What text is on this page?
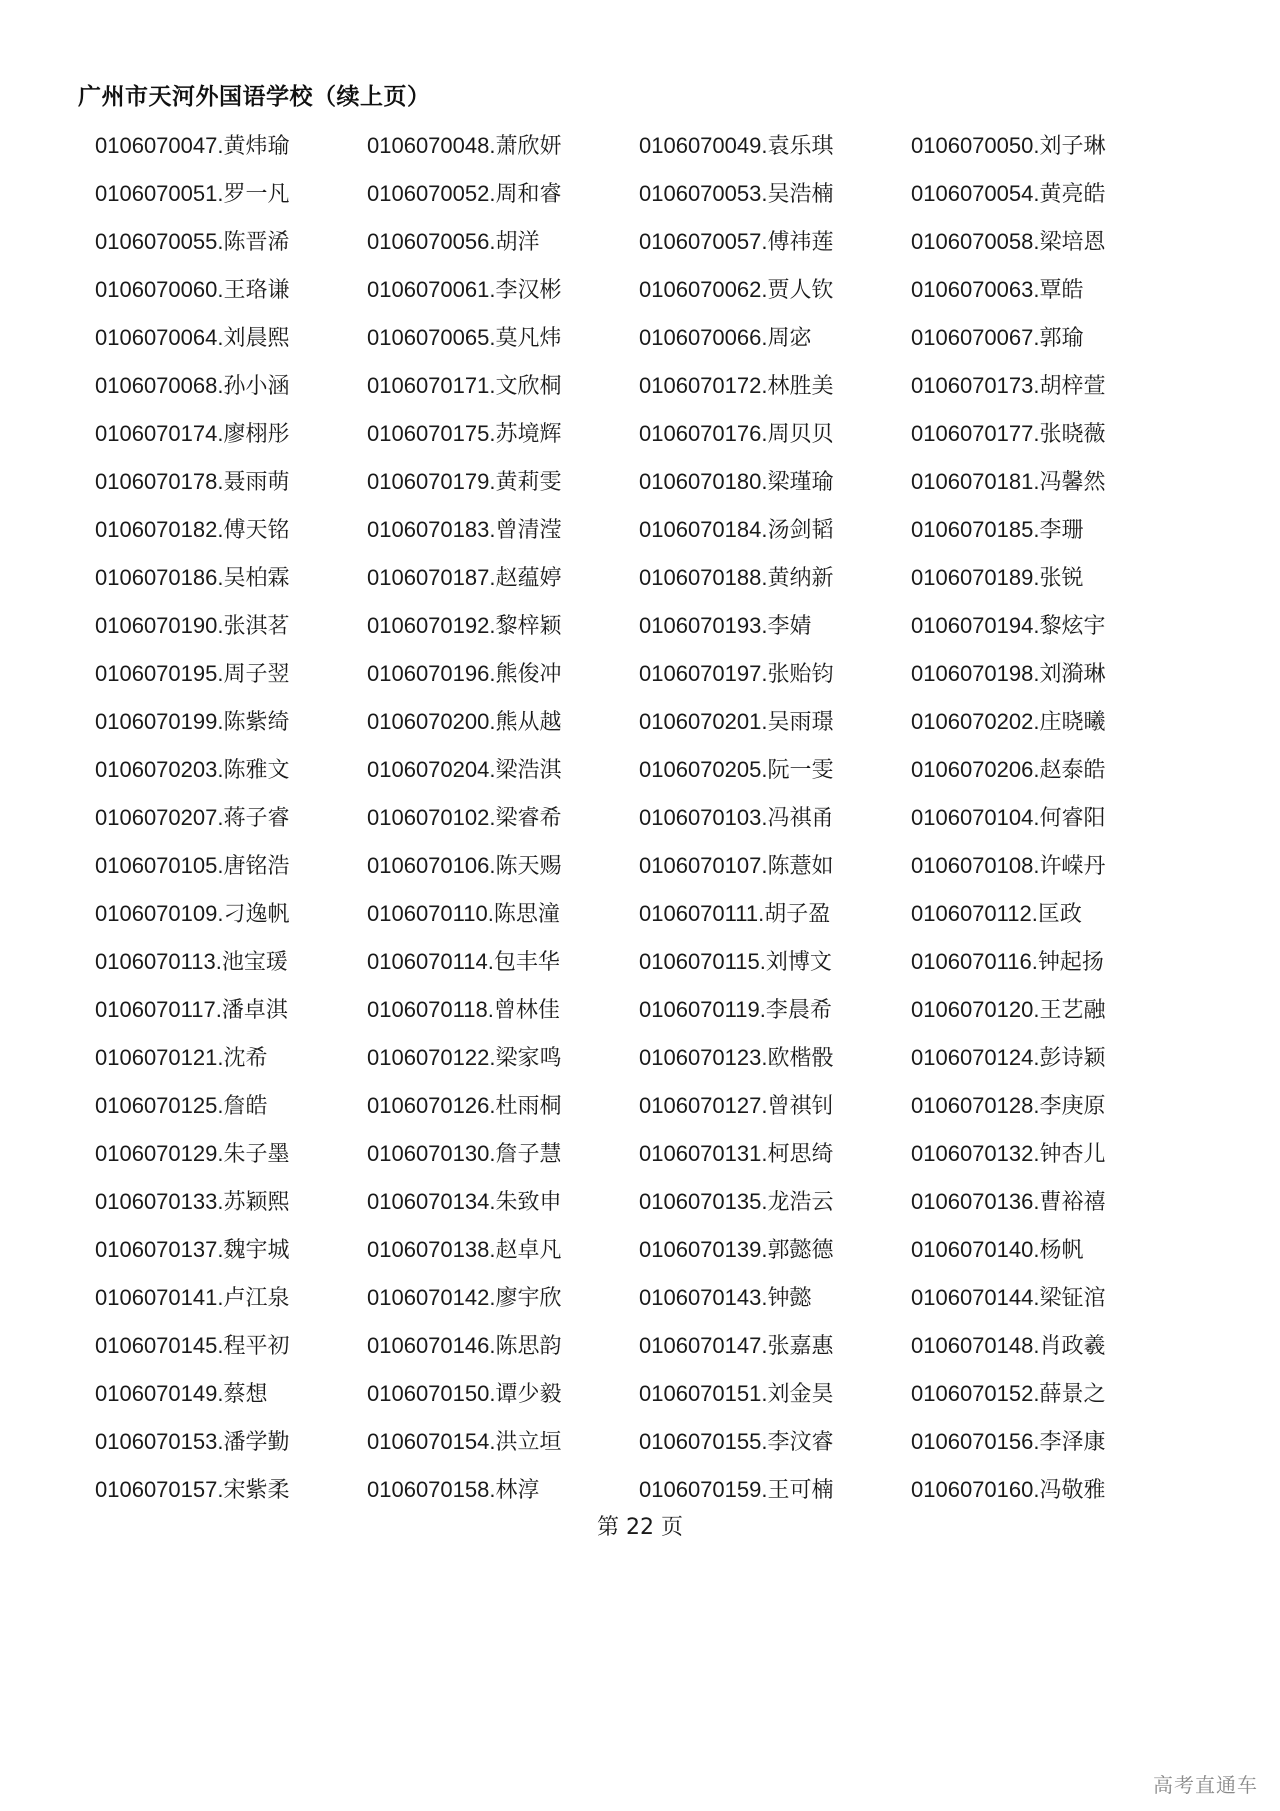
广州市天河外国语学校（续上页）
0106070047.黄炜瑜	0106070048.萧欣妍	0106070049.袁乐琪	0106070050.刘子琳
0106070051.罗一凡	0106070052.周和睿	0106070053.吴浩楠	0106070054.黄亮皓
0106070055.陈晋浠	0106070056.胡洋	0106070057.傅祎莲	0106070058.梁培恩
0106070060.王珞谦	0106070061.李汉彬	0106070062.贾人钦	0106070063.覃皓
0106070064.刘晨熙	0106070065.莫凡炜	0106070066.周宓	0106070067.郭瑜
0106070068.孙小涵	0106070171.文欣桐	0106070172.林胜美	0106070173.胡梓萱
0106070174.廖栩彤	0106070175.苏境辉	0106070176.周贝贝	0106070177.张晓薇
0106070178.聂雨萌	0106070179.黄莉雯	0106070180.梁瑾瑜	0106070181.冯馨然
0106070182.傅天铭	0106070183.曾清滢	0106070184.汤剑韬	0106070185.李珊
0106070186.吴柏霖	0106070187.赵蕴婷	0106070188.黄纳新	0106070189.张锐
0106070190.张淇茗	0106070192.黎梓颖	0106070193.李婧	0106070194.黎炫宇
0106070195.周子翌	0106070196.熊俊冲	0106070197.张贻钧	0106070198.刘漪琳
0106070199.陈紫绮	0106070200.熊从越	0106070201.吴雨璟	0106070202.庄晓曦
0106070203.陈雅文	0106070204.梁浩淇	0106070205.阮一雯	0106070206.赵泰皓
0106070207.蒋子睿	0106070102.梁睿希	0106070103.冯祺甬	0106070104.何睿阳
0106070105.唐铭浩	0106070106.陈天赐	0106070107.陈薏如	0106070108.许嵘丹
0106070109.刁逸帆	0106070110.陈思潼	0106070111.胡子盈	0106070112.匡政
0106070113.池宝瑗	0106070114.包丰华	0106070115.刘博文	0106070116.钟起扬
0106070117.潘卓淇	0106070118.曾林佳	0106070119.李晨希	0106070120.王艺融
0106070121.沈希	0106070122.梁家鸣	0106070123.欧楷骰	0106070124.彭诗颖
0106070125.詹皓	0106070126.杜雨桐	0106070127.曾祺钊	0106070128.李庚原
0106070129.朱子墨	0106070130.詹子慧	0106070131.柯思绮	0106070132.钟杏儿
0106070133.苏颖熙	0106070134.朱致申	0106070135.龙浩云	0106070136.曹裕禧
0106070137.魏宇城	0106070138.赵卓凡	0106070139.郭懿德	0106070140.杨帆
0106070141.卢江泉	0106070142.廖宇欣	0106070143.钟懿	0106070144.梁钲涫
0106070145.程平初	0106070146.陈思韵	0106070147.张嘉惠	0106070148.肖政羲
0106070149.蔡想	0106070150.谭少毅	0106070151.刘金昊	0106070152.薛景之
0106070153.潘学勤	0106070154.洪立垣	0106070155.李汶睿	0106070156.李泽康
0106070157.宋紫柔	0106070158.林淳	0106070159.王可楠	0106070160.冯敬雅
第 22 页
高考直通车
